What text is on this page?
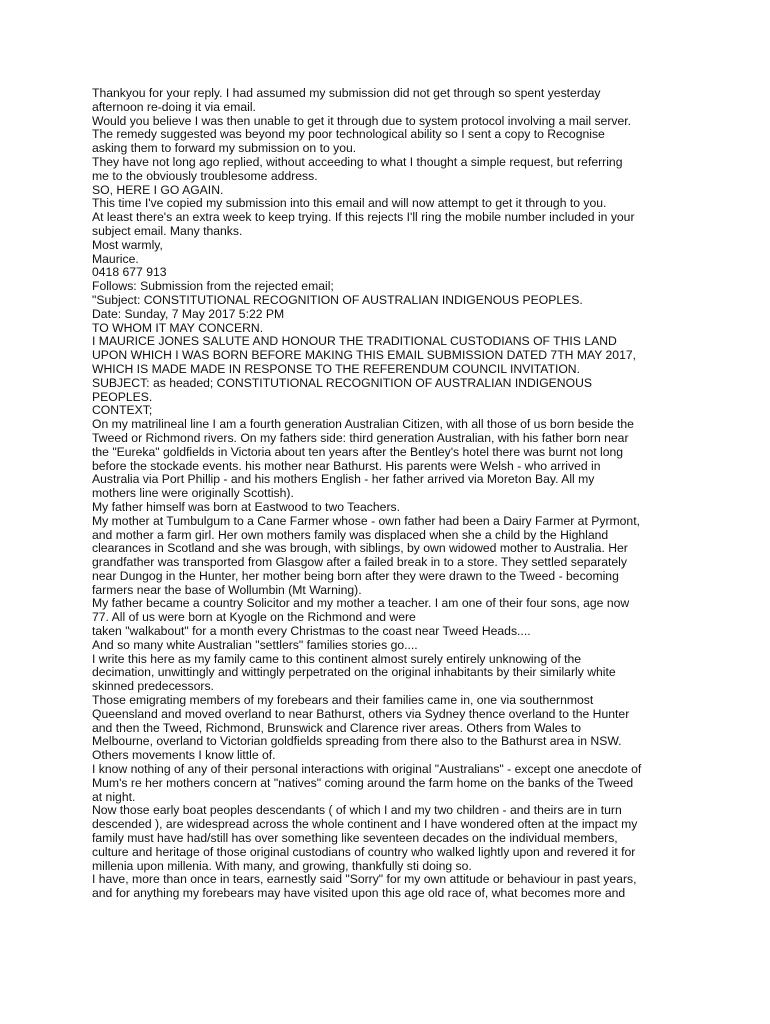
Thankyou for your reply. I had assumed my submission did not get through so spent yesterday
afternoon re-doing it via email.
Would you believe I was then unable to get it through due to system protocol involving a mail server.
The remedy suggested was beyond my poor technological ability so I sent a copy to Recognise
asking them to forward my submission on to you.
They have not long ago replied, without acceeding to what I thought a simple request, but referring
me to the obviously troublesome address.
SO, HERE I GO AGAIN.
This time I've copied my submission into this email and will now attempt to get it through to you.
At least there's an extra week to keep trying. If this rejects I'll ring the mobile number included in your
subject email. Many thanks.
Most warmly,
Maurice.
0418 677 913
Follows: Submission from the rejected email;
"Subject: CONSTITUTIONAL RECOGNITION OF AUSTRALIAN INDIGENOUS PEOPLES.
Date: Sunday, 7 May 2017 5:22 PM
TO WHOM IT MAY CONCERN.
I MAURICE JONES SALUTE AND HONOUR THE TRADITIONAL CUSTODIANS OF THIS LAND
UPON WHICH I WAS BORN BEFORE MAKING THIS EMAIL SUBMISSION DATED 7TH MAY 2017,
WHICH IS MADE MADE IN RESPONSE TO THE REFERENDUM COUNCIL INVITATION.
SUBJECT: as headed; CONSTITUTIONAL RECOGNITION OF AUSTRALIAN INDIGENOUS
PEOPLES.
CONTEXT;
On my matrilineal line I am a fourth generation Australian Citizen, with all those of us born beside the
Tweed or Richmond rivers. On my fathers side: third generation Australian, with his father born near
the "Eureka" goldfields in Victoria about ten years after the Bentley's hotel there was burnt not long
before the stockade events. his mother near Bathurst. His parents were Welsh - who arrived in
Australia via Port Phillip - and his mothers English - her father arrived via Moreton Bay. All my
mothers line were originally Scottish).
My father himself was born at Eastwood to two Teachers.
My mother at Tumbulgum to a Cane Farmer whose - own father had been a Dairy Farmer at Pyrmont,
and mother a farm girl. Her own mothers family was displaced when she a child by the Highland
clearances in Scotland and she was brough, with siblings, by own widowed mother to Australia. Her
grandfather was transported from Glasgow after a failed break in to a store. They settled separately
near Dungog in the Hunter, her mother being born after they were drawn to the Tweed - becoming
farmers near the base of Wollumbin (Mt Warning).
My father became a country Solicitor and my mother a teacher. I am one of their four sons, age now
77. All of us were born at Kyogle on the Richmond and were
taken "walkabout" for a month every Christmas to the coast near Tweed Heads....
And so many white Australian "settlers" families stories go....
I write this here as my family came to this continent almost surely entirely unknowing of the
decimation, unwittingly and wittingly perpetrated on the original inhabitants by their similarly white
skinned predecessors.
Those emigrating members of my forebears and their families came in, one via southernmost
Queensland and moved overland to near Bathurst, others via Sydney thence overland to the Hunter
and then the Tweed, Richmond, Brunswick and Clarence river areas. Others from Wales to
Melbourne, overland to Victorian goldfields spreading from there also to the Bathurst area in NSW.
Others movements I know little of.
I know nothing of any of their personal interactions with original "Australians" - except one anecdote of
Mum's re her mothers concern at "natives" coming around the farm home on the banks of the Tweed
at night.
Now those early boat peoples descendants ( of which I and my two children - and theirs are in turn
descended ), are widespread across the whole continent and I have wondered often at the impact my
family must have had/still has over something like seventeen decades on the individual members,
culture and heritage of those original custodians of country who walked lightly upon and revered it for
millenia upon millenia. With many, and growing, thankfully sti doing so.
I have, more than once in tears, earnestly said "Sorry" for my own attitude or behaviour in past years,
and for anything my forebears may have visited upon this age old race of, what becomes more and
